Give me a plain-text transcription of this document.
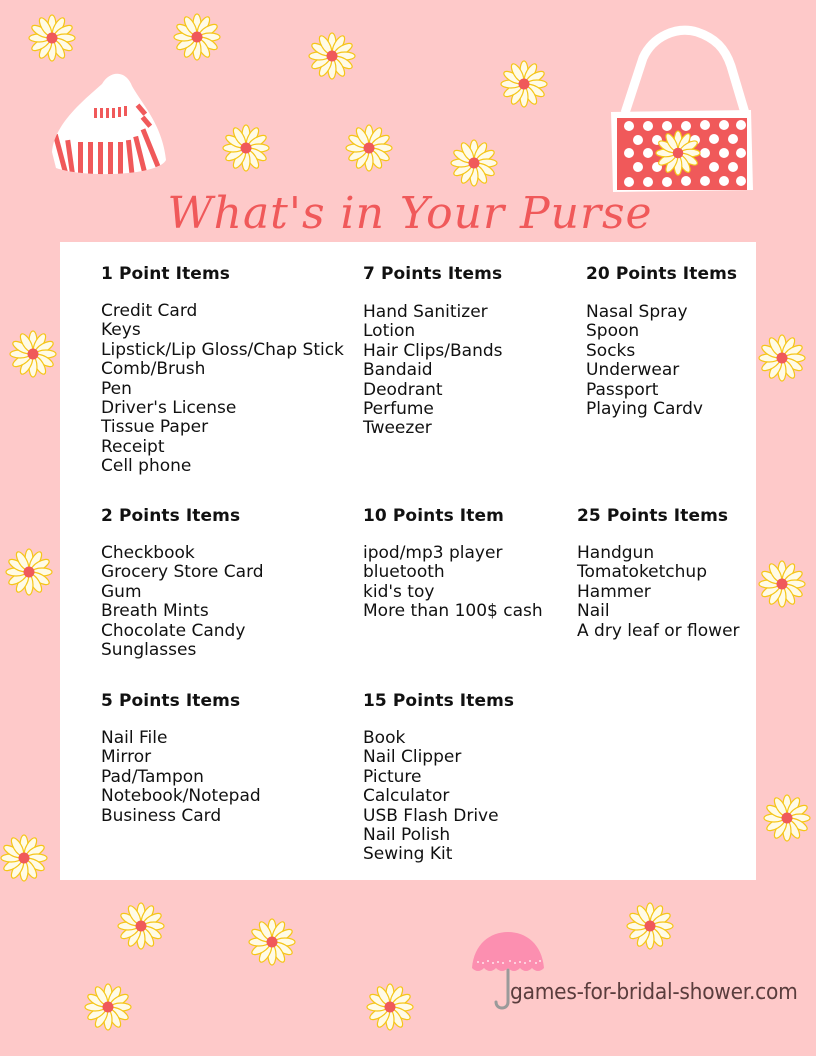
What's in Your Purse
1 Point Items
Credit Card
Keys
Lipstick/Lip Gloss/Chap Stick
Comb/Brush
Pen
Driver's License
Tissue Paper
Receipt
Cell phone
7 Points Items
Hand Sanitizer
Lotion
Hair Clips/Bands
Bandaid
Deodrant
Perfume
Tweezer
20 Points Items
Nasal Spray
Spoon
Socks
Underwear
Passport
Playing Cardv
2 Points Items
Checkbook
Grocery Store Card
Gum
Breath Mints
Chocolate Candy
Sunglasses
10 Points Item
ipod/mp3 player
bluetooth
kid's toy
More than 100$ cash
25 Points Items
Handgun
Tomatoketchup
Hammer
Nail
A dry leaf or flower
5 Points Items
Nail File
Mirror
Pad/Tampon
Notebook/Notepad
Business Card
15 Points Items
Book
Nail Clipper
Picture
Calculator
USB Flash Drive
Nail Polish
Sewing Kit
games-for-bridal-shower.com
